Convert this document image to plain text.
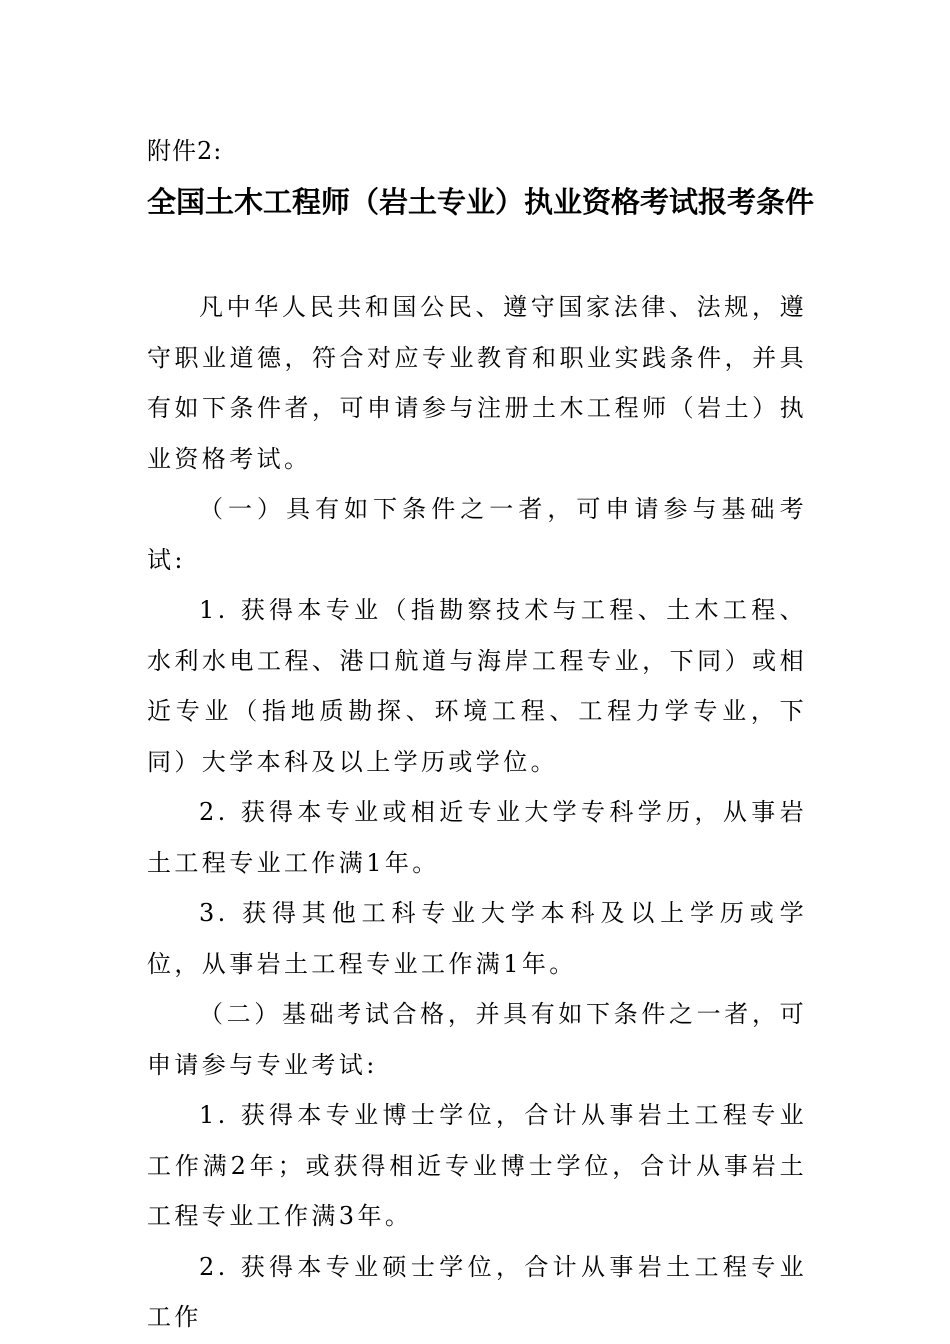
附件2:
全国土木工程师（岩土专业）执业资格考试报考条件

凡中华人民共和国公民、遵守国家法律、法规，遵守职业道德，符合对应专业教育和职业实践条件，并具有如下条件者，可申请参与注册土木工程师（岩土）执业资格考试。

（一）具有如下条件之一者，可申请参与基础考试:

1. 获得本专业（指勘察技术与工程、土木工程、水利水电工程、港口航道与海岸工程专业，下同）或相近专业（指地质勘探、环境工程、工程力学专业，下同）大学本科及以上学历或学位。

2. 获得本专业或相近专业大学专科学历，从事岩土工程专业工作满1年。

3. 获得其他工科专业大学本科及以上学历或学位，从事岩土工程专业工作满1年。

（二）基础考试合格，并具有如下条件之一者，可申请参与专业考试:

1. 获得本专业博士学位，合计从事岩土工程专业工作满2年；或获得相近专业博士学位，合计从事岩土工程专业工作满3年。

2. 获得本专业硕士学位，合计从事岩土工程专业工作
